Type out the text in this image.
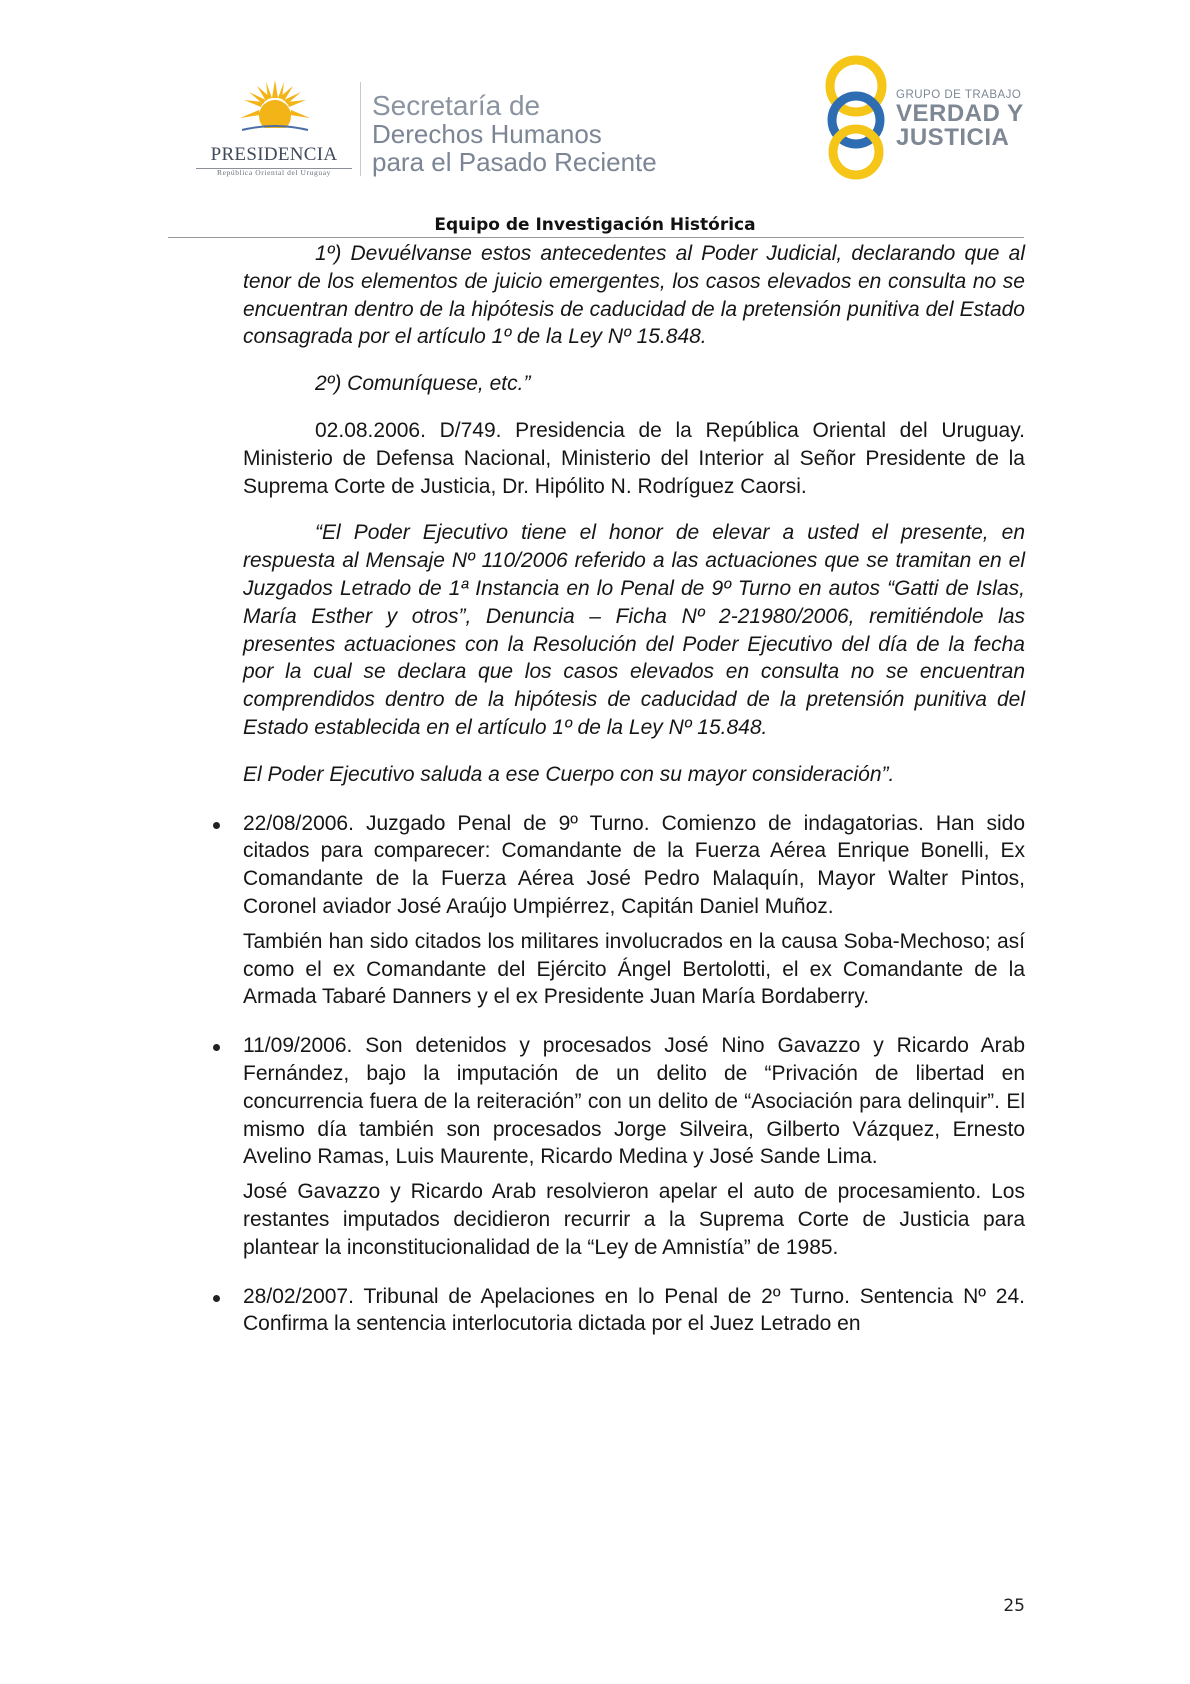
PRESIDENCIA
República Oriental del Uruguay
Secretaría de
Derechos Humanos
para el Pasado Reciente
GRUPO DE TRABAJO
VERDAD Y
JUSTICIA
Equipo de Investigación Histórica

1º) Devuélvanse estos antecedentes al Poder Judicial, declarando que al tenor de los elementos de juicio emergentes, los casos elevados en consulta no se encuentran dentro de la hipótesis de caducidad de la pretensión punitiva del Estado consagrada por el artículo 1º de la Ley Nº 15.848.

2º) Comuníquese, etc.”

02.08.2006. D/749. Presidencia de la República Oriental del Uruguay. Ministerio de Defensa Nacional, Ministerio del Interior al Señor Presidente de la Suprema Corte de Justicia, Dr. Hipólito N. Rodríguez Caorsi.

“El Poder Ejecutivo tiene el honor de elevar a usted el presente, en respuesta al Mensaje Nº 110/2006 referido a las actuaciones que se tramitan en el Juzgados Letrado de 1ª Instancia en lo Penal de 9º Turno en autos “Gatti de Islas, María Esther y otros”, Denuncia – Ficha Nº 2-21980/2006, remitiéndole las presentes actuaciones con la Resolución del Poder Ejecutivo del día de la fecha por la cual se declara que los casos elevados en consulta no se encuentran comprendidos dentro de la hipótesis de caducidad de la pretensión punitiva del Estado establecida en el artículo 1º de la Ley Nº 15.848.

El Poder Ejecutivo saluda a ese Cuerpo con su mayor consideración”.

22/08/2006. Juzgado Penal de 9º Turno. Comienzo de indagatorias. Han sido citados para comparecer: Comandante de la Fuerza Aérea Enrique Bonelli, Ex Comandante de la Fuerza Aérea José Pedro Malaquín, Mayor Walter Pintos, Coronel aviador José Araújo Umpiérrez, Capitán Daniel Muñoz.

También han sido citados los militares involucrados en la causa Soba-Mechoso; así como el ex Comandante del Ejército Ángel Bertolotti, el ex Comandante de la Armada Tabaré Danners y el ex Presidente Juan María Bordaberry.

11/09/2006. Son detenidos y procesados José Nino Gavazzo y Ricardo Arab Fernández, bajo la imputación de un delito de “Privación de libertad en concurrencia fuera de la reiteración” con un delito de “Asociación para delinquir”. El mismo día también son procesados Jorge Silveira, Gilberto Vázquez, Ernesto Avelino Ramas, Luis Maurente, Ricardo Medina y José Sande Lima.

José Gavazzo y Ricardo Arab resolvieron apelar el auto de procesamiento. Los restantes imputados decidieron recurrir a la Suprema Corte de Justicia para plantear la inconstitucionalidad de la “Ley de Amnistía” de 1985.

28/02/2007. Tribunal de Apelaciones en lo Penal de 2º Turno. Sentencia Nº 24. Confirma la sentencia interlocutoria dictada por el Juez Letrado en

25
